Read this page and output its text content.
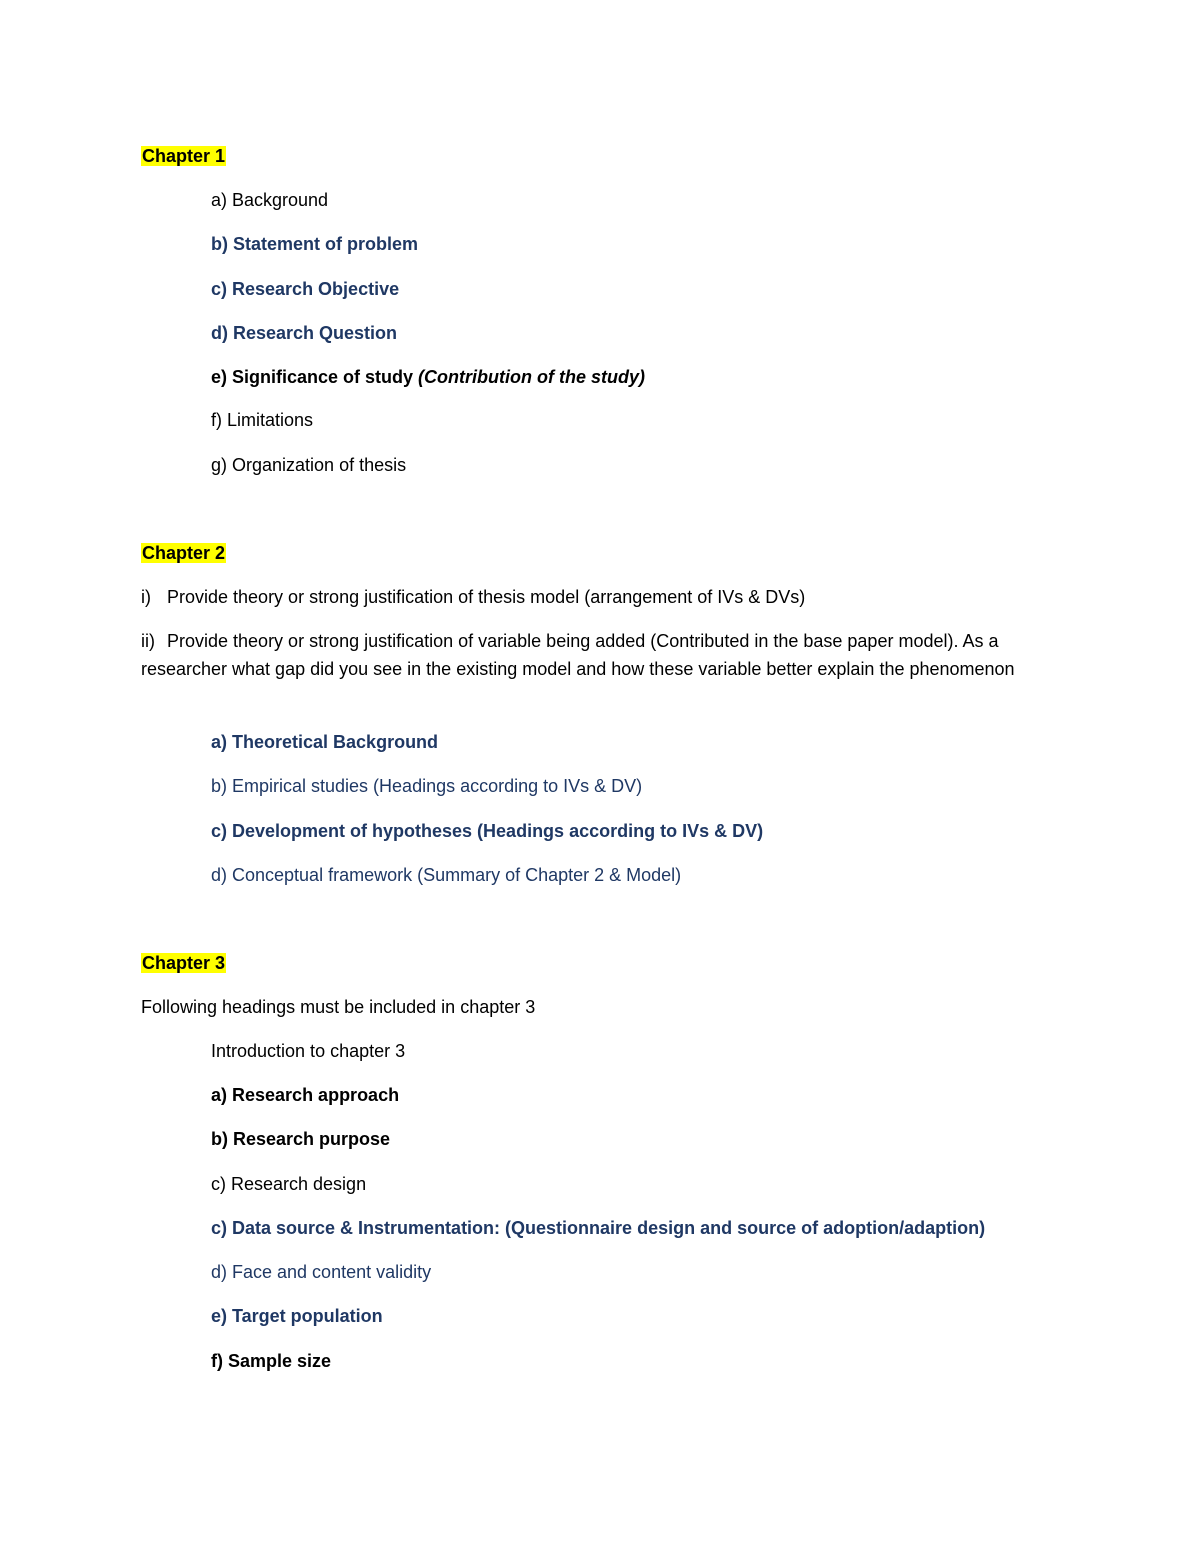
Chapter 1
a) Background
b) Statement of problem
c) Research Objective
d) Research Question
e) Significance of study (Contribution of the study)
f) Limitations
g) Organization of thesis
Chapter 2
i) Provide theory or strong justification of thesis model (arrangement of IVs & DVs)
ii) Provide theory or strong justification of variable being added (Contributed in the base paper model). As a researcher what gap did you see in the existing model and how these variable better explain the phenomenon
a) Theoretical Background
b) Empirical studies (Headings according to IVs & DV)
c) Development of hypotheses (Headings according to IVs & DV)
d) Conceptual framework (Summary of Chapter 2 & Model)
Chapter 3
Following headings must be included in chapter 3
Introduction to chapter 3
a) Research approach
b) Research purpose
c) Research design
c) Data source & Instrumentation: (Questionnaire design and source of adoption/adaption)
d) Face and content validity
e) Target population
f) Sample size
